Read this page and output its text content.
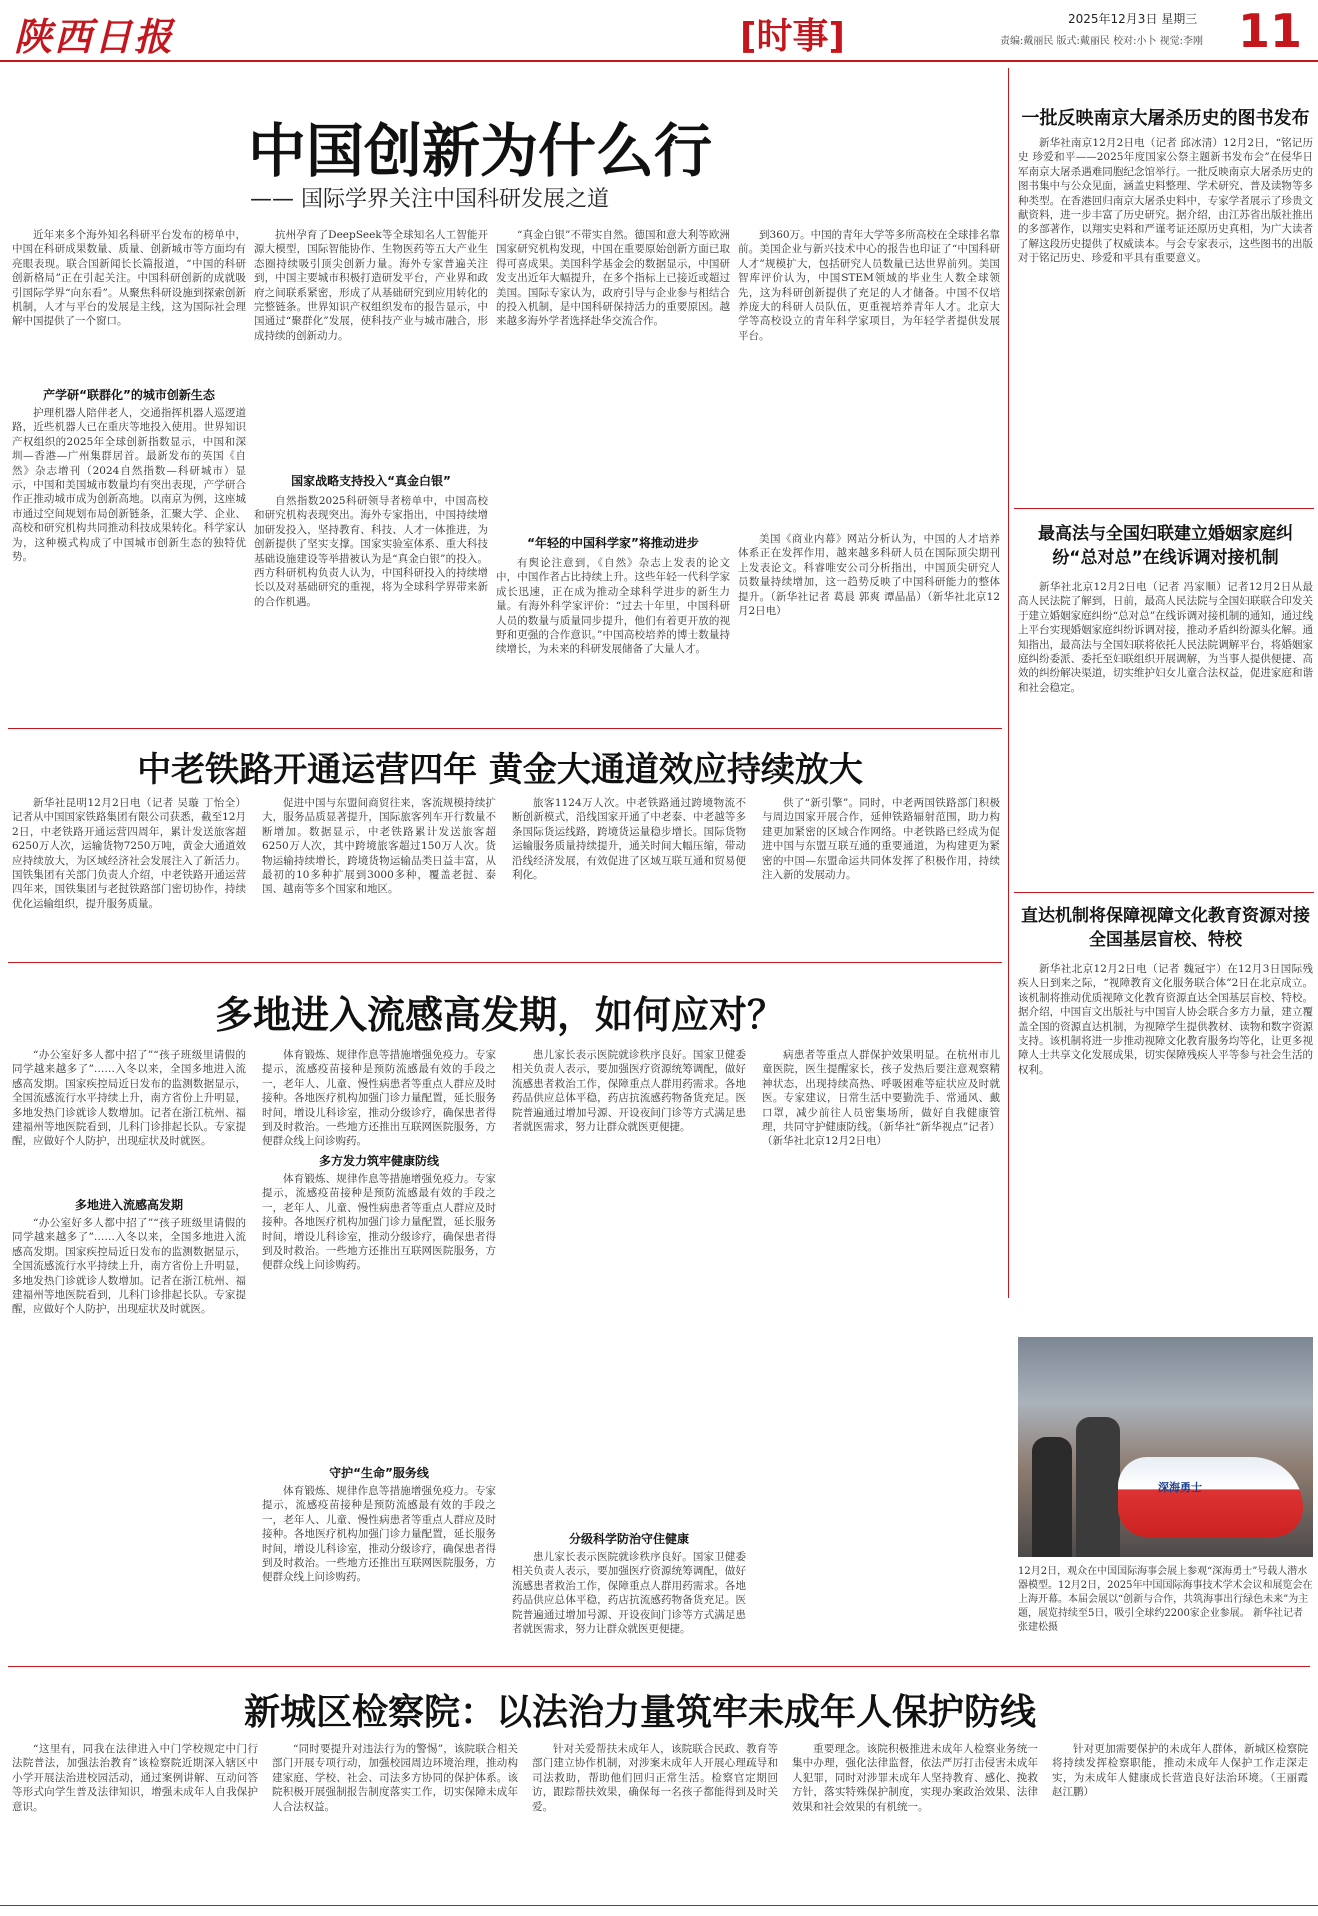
陕西日报	[时事]	2025年12月3日 星期三
责编:戴丽民 版式:戴丽民 校对:小卜 视觉:李刚 11
中国创新为什么行
—— 国际学界关注中国科研发展之道

近年来多个海外知名科研平台发布的榜单中，中国在科研成果数量、质量、创新城市等方面均有亮眼表现。联合国新闻长长篇报道，“中国的科研创新格局”正在引起关注。中国科研创新的成就吸引国际学界“向东看”。从聚焦科研设施到探索创新机制，人才与平台的发展是主线，这为国际社会理解中国提供了一个窗口。

产学研“联群化”的城市创新生态

护理机器人陪伴老人，交通指挥机器人巡逻道路，近些机器人已在重庆等地投入使用。世界知识产权组织的2025年全球创新指数显示，中国和深圳—香港—广州集群居首。最新发布的英国《自然》杂志增刊（2024自然指数—科研城市）显示，中国和美国城市数量均有突出表现，产学研合作正推动城市成为创新高地。以南京为例，这座城市通过空间规划布局创新链条，汇聚大学、企业、高校和研究机构共同推动科技成果转化。科学家认为，这种模式构成了中国城市创新生态的独特优势。

抗州孕育了DeepSeek等全球知名人工智能开源大模型，国际智能协作、生物医药等五大产业生态圈持续吸引顶尖创新力量。海外专家普遍关注到，中国主要城市积极打造研发平台，产业界和政府之间联系紧密，形成了从基础研究到应用转化的完整链条。世界知识产权组织发布的报告显示，中国通过“聚群化”发展，使科技产业与城市融合，形成持续的创新动力。

国家战略支持投入“真金白银”

自然指数2025科研领导者榜单中，中国高校和研究机构表现突出。海外专家指出，中国持续增加研发投入，坚持教育、科技、人才一体推进，为创新提供了坚实支撑。国家实验室体系、重大科技基础设施建设等举措被认为是“真金白银”的投入。西方科研机构负责人认为，中国科研投入的持续增长以及对基础研究的重视，将为全球科学界带来新的合作机遇。

“真金白银”不带实自然。德国和意大利等欧洲国家研究机构发现，中国在重要原始创新方面已取得可喜成果。美国科学基金会的数据显示，中国研发支出近年大幅提升，在多个指标上已接近或超过美国。国际专家认为，政府引导与企业参与相结合的投入机制，是中国科研保持活力的重要原因。越来越多海外学者选择赴华交流合作。

“年轻的中国科学家”将推动进步

有舆论注意到，《自然》杂志上发表的论文中，中国作者占比持续上升。这些年轻一代科学家成长迅速，正在成为推动全球科学进步的新生力量。有海外科学家评价：“过去十年里，中国科研人员的数量与质量同步提升，他们有着更开放的视野和更强的合作意识。”中国高校培养的博士数量持续增长，为未来的科研发展储备了大量人才。

到360万。中国的青年大学等多所高校在全球排名靠前。美国企业与新兴技术中心的报告也印证了“中国科研人才”规模扩大，包括研究人员数量已达世界前列。美国智库评价认为，中国STEM领域的毕业生人数全球领先，这为科研创新提供了充足的人才储备。中国不仅培养庞大的科研人员队伍，更重视培养青年人才。北京大学等高校设立的青年科学家项目，为年轻学者提供发展平台。

美国《商业内幕》网站分析认为，中国的人才培养体系正在发挥作用，越来越多科研人员在国际顶尖期刊上发表论文。科睿唯安公司分析指出，中国顶尖研究人员数量持续增加，这一趋势反映了中国科研能力的整体提升。（新华社记者 葛晨 郭爽 谭晶晶）（新华社北京12月2日电）

中老铁路开通运营四年 黄金大通道效应持续放大

新华社昆明12月2日电（记者 吴璇 丁怡全）记者从中国国家铁路集团有限公司获悉，截至12月2日，中老铁路开通运营四周年，累计发送旅客超6250万人次，运输货物7250万吨，黄金大通道效应持续放大，为区域经济社会发展注入了新活力。国铁集团有关部门负责人介绍，中老铁路开通运营四年来，国铁集团与老挝铁路部门密切协作，持续优化运输组织，提升服务质量。

促进中国与东盟间商贸往来，客流规模持续扩大，服务品质显著提升，国际旅客列车开行数量不断增加。数据显示，中老铁路累计发送旅客超6250万人次，其中跨境旅客超过150万人次。货物运输持续增长，跨境货物运输品类日益丰富，从最初的10多种扩展到3000多种，覆盖老挝、泰国、越南等多个国家和地区。

旅客1124万人次。中老铁路通过跨境物流不断创新模式，沿线国家开通了中老泰、中老越等多条国际货运线路，跨境货运量稳步增长。国际货物运输服务质量持续提升，通关时间大幅压缩，带动沿线经济发展，有效促进了区域互联互通和贸易便利化。

供了“新引擎”。同时，中老两国铁路部门积极与周边国家开展合作，延伸铁路辐射范围，助力构建更加紧密的区域合作网络。中老铁路已经成为促进中国与东盟互联互通的重要通道，为构建更为紧密的中国—东盟命运共同体发挥了积极作用，持续注入新的发展动力。

多地进入流感高发期，如何应对？

“办公室好多人都中招了”“孩子班级里请假的同学越来越多了”……入冬以来，全国多地进入流感高发期。国家疾控局近日发布的监测数据显示，全国流感流行水平持续上升，南方省份上升明显，多地发热门诊就诊人数增加。记者在浙江杭州、福建福州等地医院看到，儿科门诊排起长队。专家提醒，应做好个人防护，出现症状及时就医。

多地进入流感高发期

“办公室好多人都中招了”“孩子班级里请假的同学越来越多了”……入冬以来，全国多地进入流感高发期。国家疾控局近日发布的监测数据显示，全国流感流行水平持续上升，南方省份上升明显，多地发热门诊就诊人数增加。记者在浙江杭州、福建福州等地医院看到，儿科门诊排起长队。专家提醒，应做好个人防护，出现症状及时就医。

体育锻炼、规律作息等措施增强免疫力。专家提示，流感疫苗接种是预防流感最有效的手段之一，老年人、儿童、慢性病患者等重点人群应及时接种。各地医疗机构加强门诊力量配置，延长服务时间，增设儿科诊室，推动分级诊疗，确保患者得到及时救治。一些地方还推出互联网医院服务，方便群众线上问诊购药。

多方发力筑牢健康防线

体育锻炼、规律作息等措施增强免疫力。专家提示，流感疫苗接种是预防流感最有效的手段之一，老年人、儿童、慢性病患者等重点人群应及时接种。各地医疗机构加强门诊力量配置，延长服务时间，增设儿科诊室，推动分级诊疗，确保患者得到及时救治。一些地方还推出互联网医院服务，方便群众线上问诊购药。

守护“生命”服务线

体育锻炼、规律作息等措施增强免疫力。专家提示，流感疫苗接种是预防流感最有效的手段之一，老年人、儿童、慢性病患者等重点人群应及时接种。各地医疗机构加强门诊力量配置，延长服务时间，增设儿科诊室，推动分级诊疗，确保患者得到及时救治。一些地方还推出互联网医院服务，方便群众线上问诊购药。

患儿家长表示医院就诊秩序良好。国家卫健委相关负责人表示，要加强医疗资源统筹调配，做好流感患者救治工作，保障重点人群用药需求。各地药品供应总体平稳，药店抗流感药物备货充足。医院普遍通过增加号源、开设夜间门诊等方式满足患者就医需求，努力让群众就医更便捷。

分级科学防治守住健康

患儿家长表示医院就诊秩序良好。国家卫健委相关负责人表示，要加强医疗资源统筹调配，做好流感患者救治工作，保障重点人群用药需求。各地药品供应总体平稳，药店抗流感药物备货充足。医院普遍通过增加号源、开设夜间门诊等方式满足患者就医需求，努力让群众就医更便捷。

病患者等重点人群保护效果明显。在杭州市儿童医院，医生提醒家长，孩子发热后要注意观察精神状态，出现持续高热、呼吸困难等症状应及时就医。专家建议，日常生活中要勤洗手、常通风、戴口罩，减少前往人员密集场所，做好自我健康管理，共同守护健康防线。（新华社“新华视点”记者）（新华社北京12月2日电）

新城区检察院：以法治力量筑牢未成年人保护防线

“这里有，同我在法律进入中门学校规定中门行法院普法，加强法治教育”该检察院近期深入辖区中小学开展法治进校园活动，通过案例讲解、互动问答等形式向学生普及法律知识，增强未成年人自我保护意识。

“同时要提升对违法行为的警惕”，该院联合相关部门开展专项行动，加强校园周边环境治理，推动构建家庭、学校、社会、司法多方协同的保护体系。该院积极开展强制报告制度落实工作，切实保障未成年人合法权益。

针对关爱帮扶未成年人，该院联合民政、教育等部门建立协作机制，对涉案未成年人开展心理疏导和司法救助，帮助他们回归正常生活。检察官定期回访，跟踪帮扶效果，确保每一名孩子都能得到及时关爱。

重要理念。该院积极推进未成年人检察业务统一集中办理，强化法律监督，依法严厉打击侵害未成年人犯罪，同时对涉罪未成年人坚持教育、感化、挽救方针，落实特殊保护制度，实现办案政治效果、法律效果和社会效果的有机统一。

针对更加需要保护的未成年人群体，新城区检察院将持续发挥检察职能，推动未成年人保护工作走深走实，为未成年人健康成长营造良好法治环境。（王丽霞 赵江鹏）

一批反映南京大屠杀历史的图书发布

新华社南京12月2日电（记者 邱冰清）12月2日，“铭记历史 珍爱和平——2025年度国家公祭主题新书发布会”在侵华日军南京大屠杀遇难同胞纪念馆举行。一批反映南京大屠杀历史的图书集中与公众见面，涵盖史料整理、学术研究、普及读物等多种类型。在香港回归南京大屠杀史料中，专家学者展示了珍贵文献资料，进一步丰富了历史研究。据介绍，由江苏省出版社推出的多部著作，以翔实史料和严谨考证还原历史真相，为广大读者了解这段历史提供了权威读本。与会专家表示，这些图书的出版对于铭记历史、珍爱和平具有重要意义。

最高法与全国妇联建立婚姻家庭纠纷“总对总”在线诉调对接机制

新华社北京12月2日电（记者 冯家顺）记者12月2日从最高人民法院了解到，日前，最高人民法院与全国妇联联合印发关于建立婚姻家庭纠纷“总对总”在线诉调对接机制的通知，通过线上平台实现婚姻家庭纠纷诉调对接，推动矛盾纠纷源头化解。通知指出，最高法与全国妇联将依托人民法院调解平台，将婚姻家庭纠纷委派、委托至妇联组织开展调解，为当事人提供便捷、高效的纠纷解决渠道，切实维护妇女儿童合法权益，促进家庭和谐和社会稳定。

直达机制将保障视障文化教育资源对接全国基层盲校、特校

新华社北京12月2日电（记者 魏冠宇）在12月3日国际残疾人日到来之际，“视障教育文化服务联合体”2日在北京成立。该机制将推动优质视障文化教育资源直达全国基层盲校、特校。据介绍，中国盲文出版社与中国盲人协会联合多方力量，建立覆盖全国的资源直达机制，为视障学生提供教材、读物和数字资源支持。该机制将进一步推动视障文化教育服务均等化，让更多视障人士共享文化发展成果，切实保障残疾人平等参与社会生活的权利。

深海勇士
12月2日，观众在中国国际海事会展上参观“深海勇士”号载人潜水器模型。12月2日，2025年中国国际海事技术学术会议和展览会在上海开幕。本届会展以“创新与合作，共筑海事出行绿色未来”为主题，展览持续至5日，吸引全球约2200家企业参展。 新华社记者 张建松摄
